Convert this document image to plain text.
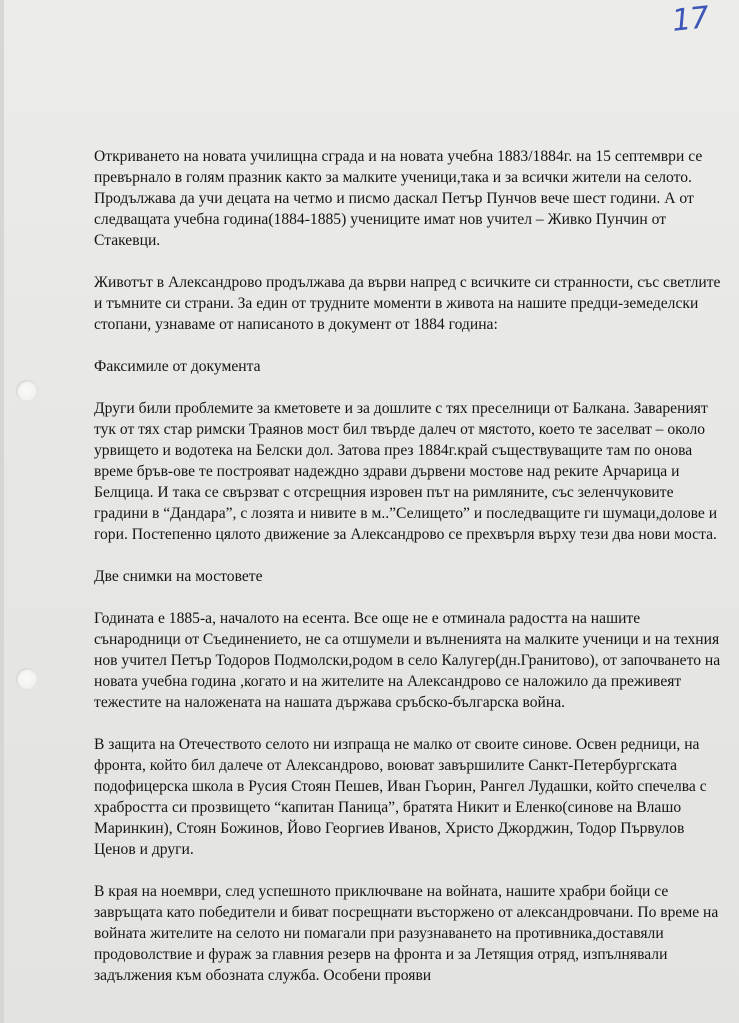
17

Откриването на новата училищна сграда и на новата учебна 1883/1884г. на 15 септември се превърнало в голям празник както за малките ученици,така и за всички жители на селото. Продължава да учи децата на четмо и писмо даскал Петър Пунчов вече шест години. А от следващата учебна година(1884-1885) учениците имат нов учител – Живко Пунчин от Стакевци.

Животът в Александрово продължава да върви напред с всичките си странности, със светлите и тъмните си страни. За един от трудните моменти в живота на нашите предци-земеделски стопани, узнаваме от написаното в документ от 1884 година:

Факсимиле от документа

Други били проблемите за кметовете и за дошлите с тях преселници от Балкана. Завареният тук от тях стар римски Траянов мост бил твърде далеч от мястото, което те заселват – около урвището и водотека на Белски дол. Затова през 1884г.край съществуващите там по онова време бръв-ове те построяват надеждно здрави дървени мостове над реките Арчарица и Белцица. И така се свързват с отсрещния изровен път на римляните, със зеленчуковите градини в “Дандара”, с лозята и нивите в м..”Селището” и последващите ги шумаци,долове и гори. Постепенно цялото движение за Александрово се прехвърля върху тези два нови моста.

Две снимки на мостовете

Годината е 1885-а, началото на есента. Все още не е отминала радостта на нашите сънародници от Съединението, не са отшумели и вълненията на малките ученици и на техния нов учител Петър Тодоров Подмолски,родом в село Калугер(дн.Гранитово), от започването на новата учебна година ,когато и на жителите на Александрово се наложило да преживеят тежестите на наложената на нашата държава сръбско-българска война.

В защита на Отечеството селото ни изпраща не малко от своите синове. Освен редници, на фронта, който бил далече от Александрово, воюват завършилите Санкт-Петербургската подофицерска школа в Русия Стоян Пешев, Иван Гьорин, Рангел Лудашки, който спечелва с храбростта си прозвището “капитан Паница”, братята Никит и Еленко(синове на Влашо Маринкин), Стоян Божинов, Йово Георгиев Иванов, Христо Джорджин, Тодор Първулов Ценов и други.

В края на ноември, след успешното приключване на войната, нашите храбри бойци се завръщата като победители и биват посрещнати въсторжено от александровчани. По време на войната жителите на селото ни помагали при разузнаването на противника,доставяли продоволствие и фураж за главния резерв на фронта и за Летящия отряд, изпълнявали задължения към обозната служба. Особени прояви
